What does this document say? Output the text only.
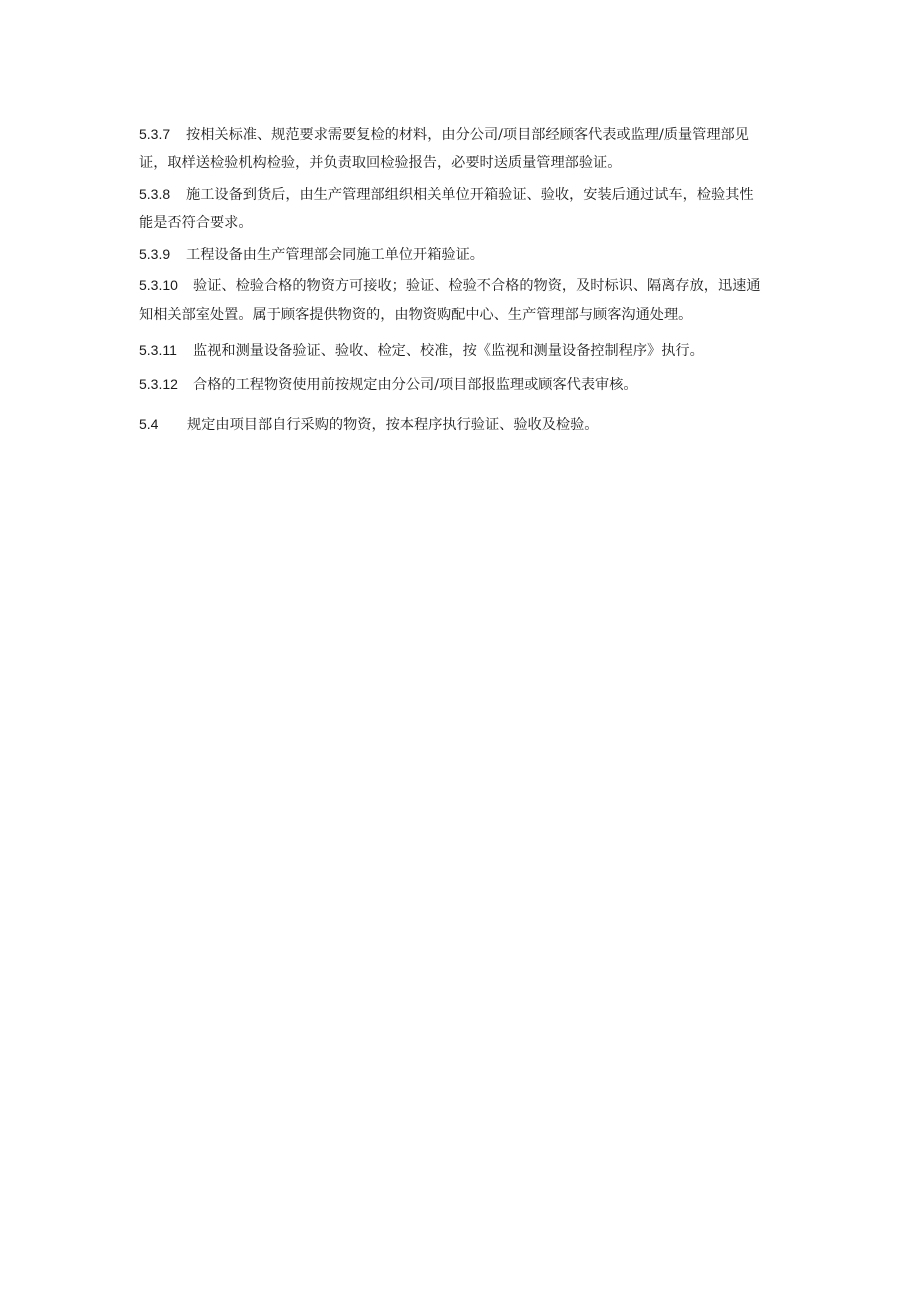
5.3.7 按相关标准、规范要求需要复检的材料，由分公司/项目部经顾客代表或监理/质量管理部见
证，取样送检验机构检验，并负责取回检验报告，必要时送质量管理部验证。
5.3.8 施工设备到货后，由生产管理部组织相关单位开箱验证、验收，安装后通过试车，检验其性
能是否符合要求。
5.3.9 工程设备由生产管理部会同施工单位开箱验证。
5.3.10 验证、检验合格的物资方可接收；验证、检验不合格的物资，及时标识、隔离存放，迅速通
知相关部室处置。属于顾客提供物资的，由物资购配中心、生产管理部与顾客沟通处理。
5.3.11 监视和测量设备验证、验收、检定、校准，按《监视和测量设备控制程序》执行。
5.3.12 合格的工程物资使用前按规定由分公司/项目部报监理或顾客代表审核。
5.4 规定由项目部自行采购的物资，按本程序执行验证、验收及检验。
